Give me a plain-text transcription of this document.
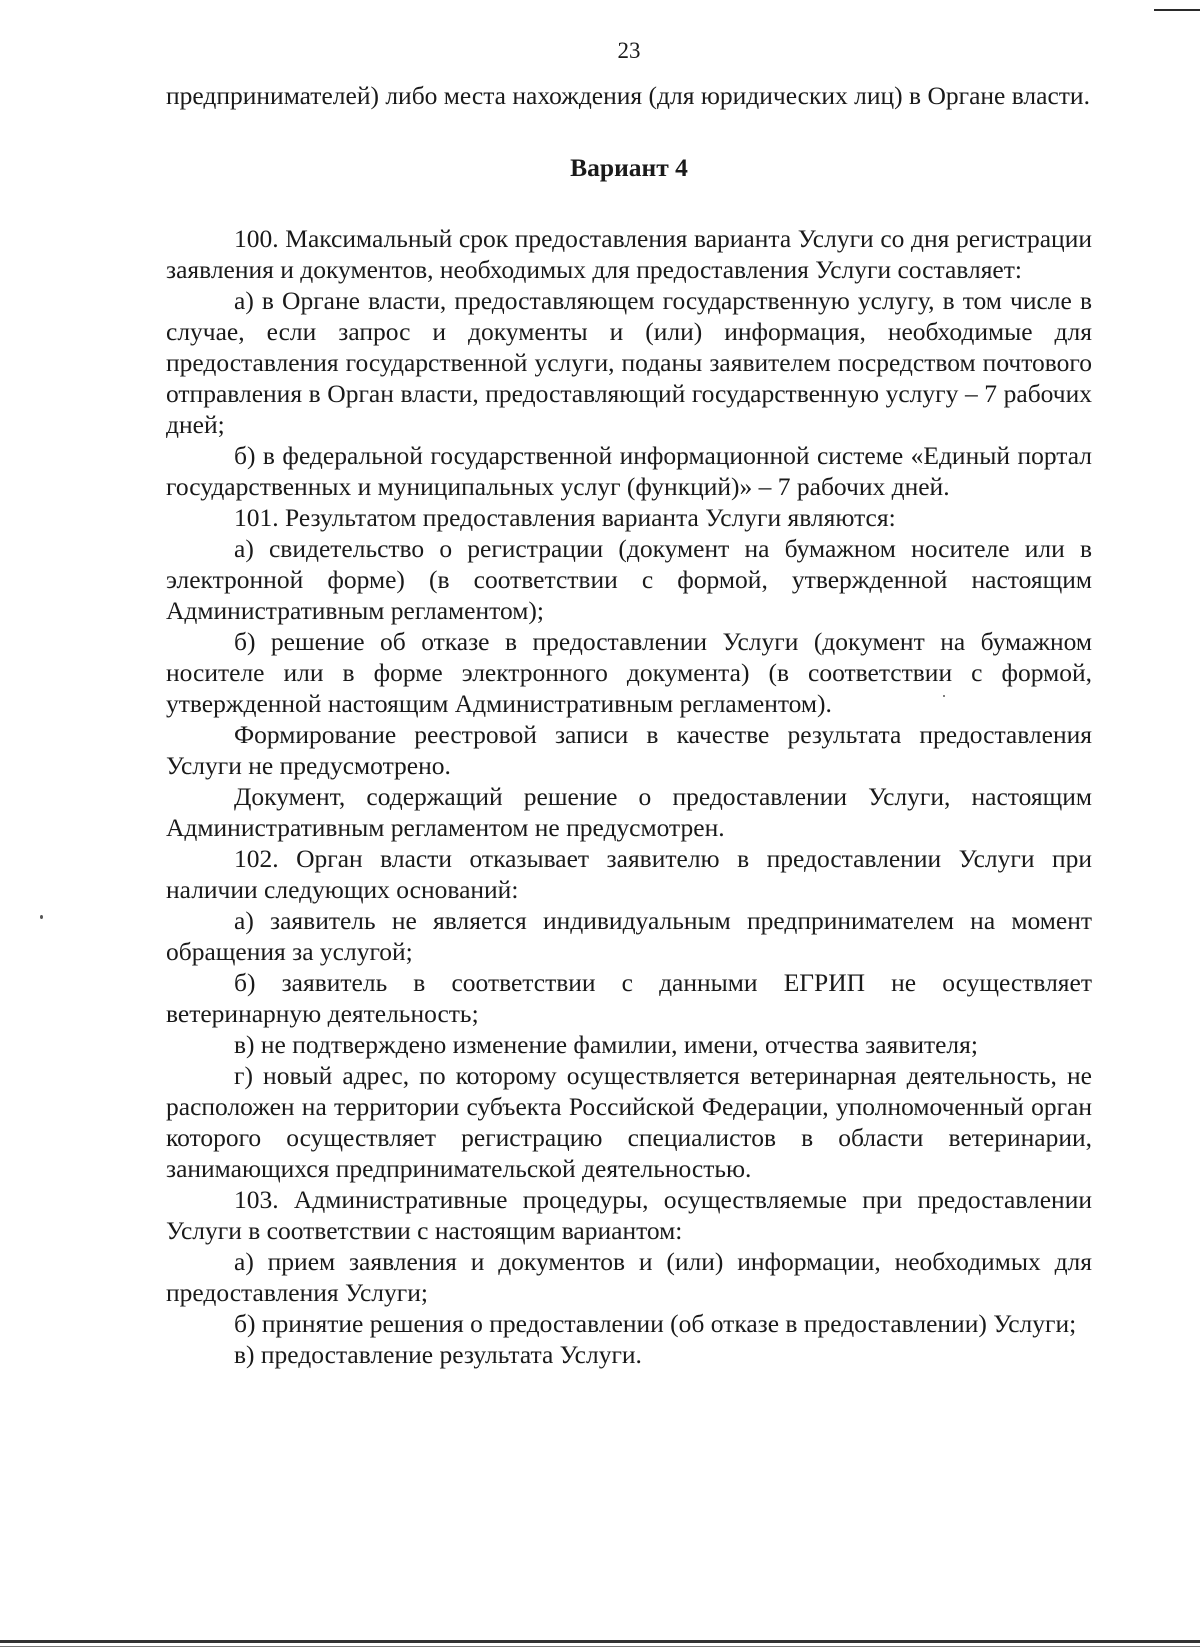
23

предпринимателей) либо места нахождения (для юридических лиц) в Органе власти.

Вариант 4

100. Максимальный срок предоставления варианта Услуги со дня регистрации заявления и документов, необходимых для предоставления Услуги составляет:

а) в Органе власти, предоставляющем государственную услугу, в том числе в случае, если запрос и документы и (или) информация, необходимые для предоставления государственной услуги, поданы заявителем посредством почтового отправления в Орган власти, предоставляющий государственную услугу – 7 рабочих дней;

б) в федеральной государственной информационной системе «Единый портал государственных и муниципальных услуг (функций)» – 7 рабочих дней.

101. Результатом предоставления варианта Услуги являются:

а) свидетельство о регистрации (документ на бумажном носителе или в электронной форме) (в соответствии с формой, утвержденной настоящим Административным регламентом);

б) решение об отказе в предоставлении Услуги (документ на бумажном носителе или в форме электронного документа) (в соответствии с формой, утвержденной настоящим Административным регламентом).

Формирование реестровой записи в качестве результата предоставления Услуги не предусмотрено.

Документ, содержащий решение о предоставлении Услуги, настоящим Административным регламентом не предусмотрен.

102. Орган власти отказывает заявителю в предоставлении Услуги при наличии следующих оснований:

а) заявитель не является индивидуальным предпринимателем на момент обращения за услугой;

б) заявитель в соответствии с данными ЕГРИП не осуществляет ветеринарную деятельность;

в) не подтверждено изменение фамилии, имени, отчества заявителя;

г) новый адрес, по которому осуществляется ветеринарная деятельность, не расположен на территории субъекта Российской Федерации, уполномоченный орган которого осуществляет регистрацию специалистов в области ветеринарии, занимающихся предпринимательской деятельностью.

103. Административные процедуры, осуществляемые при предоставлении Услуги в соответствии с настоящим вариантом:

а) прием заявления и документов и (или) информации, необходимых для предоставления Услуги;

б) принятие решения о предоставлении (об отказе в предоставлении) Услуги;

в) предоставление результата Услуги.
